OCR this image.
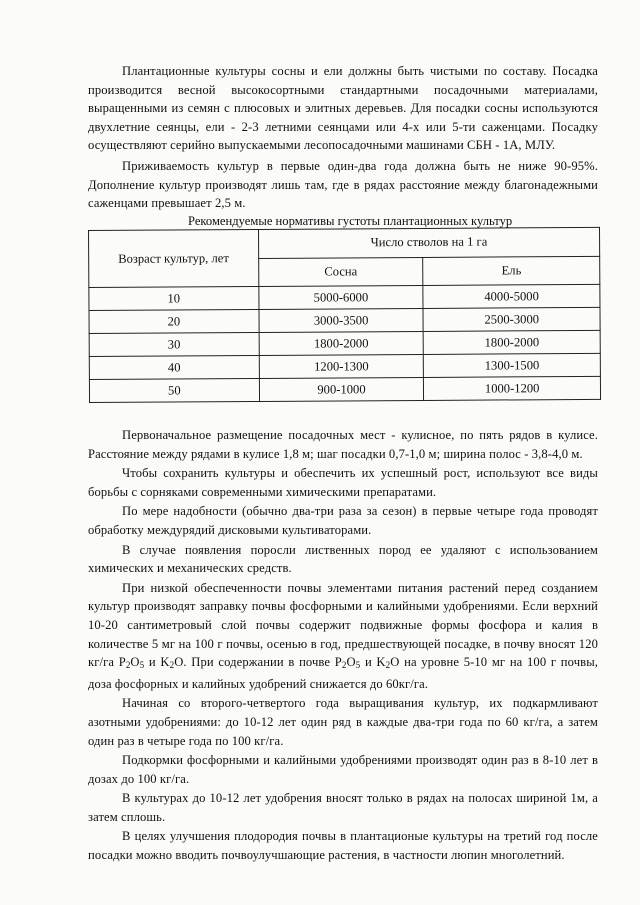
Плантационные культуры сосны и ели должны быть чистыми по составу. Посадка производится весной высокосортными стандартными посадочными материалами, выращенными из семян с плюсовых и элитных деревьев. Для посадки сосны используются двухлетние сеянцы, ели - 2-3 летними сеянцами или 4-х или 5-ти саженцами. Посадку осуществляют серийно выпускаемыми лесопосадочными машинами СБН - 1А, МЛУ.

Приживаемость культур в первые один-два года должна быть не ниже 90-95%. Дополнение культур производят лишь там, где в рядах расстояние между благонадежными саженцами превышает 2,5 м.

Рекомендуемые нормативы густоты плантационных культур
Возраст культур, лет	Число стволов на 1 га	
	Сосна	Ель
10	5000-6000	4000-5000
20	3000-3500	2500-3000
30	1800-2000	1800-2000
40	1200-1300	1300-1500
50	900-1000	1000-1200

Первоначальное размещение посадочных мест - кулисное, по пять рядов в кулисе. Расстояние между рядами в кулисе 1,8 м; шаг посадки 0,7-1,0 м; ширина полос - 3,8-4,0 м.

Чтобы сохранить культуры и обеспечить их успешный рост, используют все виды борьбы с сорняками современными химическими препаратами.

По мере надобности (обычно два-три раза за сезон) в первые четыре года проводят обработку междурядий дисковыми культиваторами.

В случае появления поросли лиственных пород ее удаляют с использованием химических и механических средств.

При низкой обеспеченности почвы элементами питания растений перед созданием культур производят заправку почвы фосфорными и калийными удобрениями. Если верхний 10-20 сантиметровый слой почвы содержит подвижные формы фосфора и калия в количестве 5 мг на 100 г почвы, осенью в год, предшествующей посадке, в почву вносят 120 кг/га $P_2O_5$ и $K_2O$. При содержании в почве $P_2O_5$ и $K_2O$ на уровне 5-10 мг на 100 г почвы, доза фосфорных и калийных удобрений снижается до 60кг/га.

Начиная со второго-четвертого года выращивания культур, их подкармливают азотными удобрениями: до 10-12 лет один ряд в каждые два-три года по 60 кг/га, а затем один раз в четыре года по 100 кг/га.

Подкормки фосфорными и калийными удобрениями производят один раз в 8-10 лет в дозах до 100 кг/га.

В культурах до 10-12 лет удобрения вносят только в рядах на полосах шириной 1м, а затем сплошь.

В целях улучшения плодородия почвы в плантационые культуры на третий год после посадки можно вводить почвоулучшающие растения, в частности люпин многолетний.
